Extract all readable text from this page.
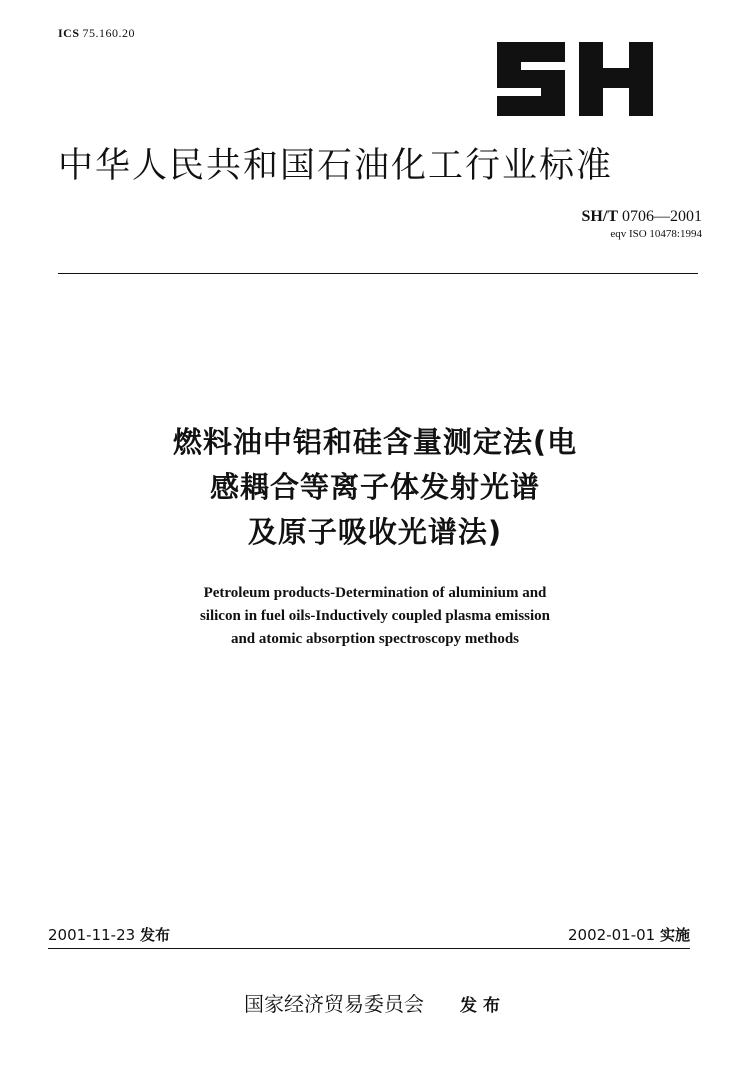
ICS 75.160.20
中华人民共和国石油化工行业标准
SH/T 0706—2001
eqv ISO 10478:1994
燃料油中铝和硅含量测定法(电
感耦合等离子体发射光谱
及原子吸收光谱法)
Petroleum products-Determination of aluminium and
silicon in fuel oils-Inductively coupled plasma emission
and atomic absorption spectroscopy methods
2001-11-23 发布	2002-01-01 实施
国家经济贸易委员会 发布
